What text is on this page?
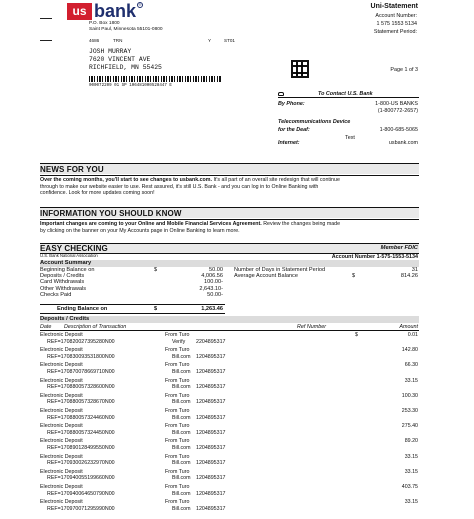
us bank ®
P.O. Box 1800
Saint Paul, Minnesota 55101-0800
4686	TRN	Y	ST01
Uni-Statement
Account Number:
1 575 1553 5134
Statement Period:
JOSH MURRAY
7620 VINCENT AVE
RICHFIELD, MN 55425
000072209 01 SP 106481000528447 E
Page 1 of 3
To Contact U.S. Bank
By Phone:	1-800-US BANKS
(1-800772-2657)
Telecommunications Device
for the Deaf:	1-800-685-5065
Text
Internet:	usbank.com
NEWS FOR YOU
Over the coming months, you'll start to see changes to usbank.com. It's all part of an overall site redesign that will continue
through to make our website easier to use. Rest assured, it's still U.S. Bank - and you can log in to Online Banking with
confidence. Look for more updates coming soon!
INFORMATION YOU SHOULD KNOW
Important changes are coming to your Online and Mobile Financial Services Agreement. Review the changes being made
by clicking on the banner on your My Accounts page in Online Banking to learn more.
EASY CHECKING	Member FDIC
U.S. Bank National Association	Account Number 1-575-1553-5134
Account Summary
Beginning Balance on	$	50.00
Deposits / Credits	4,006.56
Card Withdrawals	100.00-
Other Withdrawals	2,643.10-
Checks Paid	50.00-
Ending Balance on	$	1,263.46
Number of Days in Statement Period	31
Average Account Balance	$	814.26
Deposits / Credits
Date Description of Transaction	Ref Number	Amount
Electronic Deposit	From Turo	$	0.01
REF=170820027395280N00	Verify 2204895317
Electronic Deposit	From Turo	142.80
REF=170830093531800N00	Bill.com 1204895317
Electronic Deposit	From Turo	66.30
REF=170870078669710N00	Bill.com 1204895317
Electronic Deposit	From Turo	33.15
REF=170880057328600N00	Bill.com 1204895317
Electronic Deposit	From Turo	100.30
REF=170880057328670N00	Bill.com 1204895317
Electronic Deposit	From Turo	253.30
REF=170880057324460N00	Bill.com 1204895317
Electronic Deposit	From Turo	275.40
REF=170880057324450N00	Bill.com 1204895317
Electronic Deposit	From Turo	89.20
REF=170890128499550N00	Bill.com 1204895317
Electronic Deposit	From Turo	33.15
REF=170930026232970N00	Bill.com 1204895317
Electronic Deposit	From Turo	33.15
REF=170940055199660N00	Bill.com 1204895317
Electronic Deposit	From Turo	403.75
REF=170940064650790N00	Bill.com 1204895317
Electronic Deposit	From Turo	33.15
REF=170970071295990N00	Bill.com 1204895317
